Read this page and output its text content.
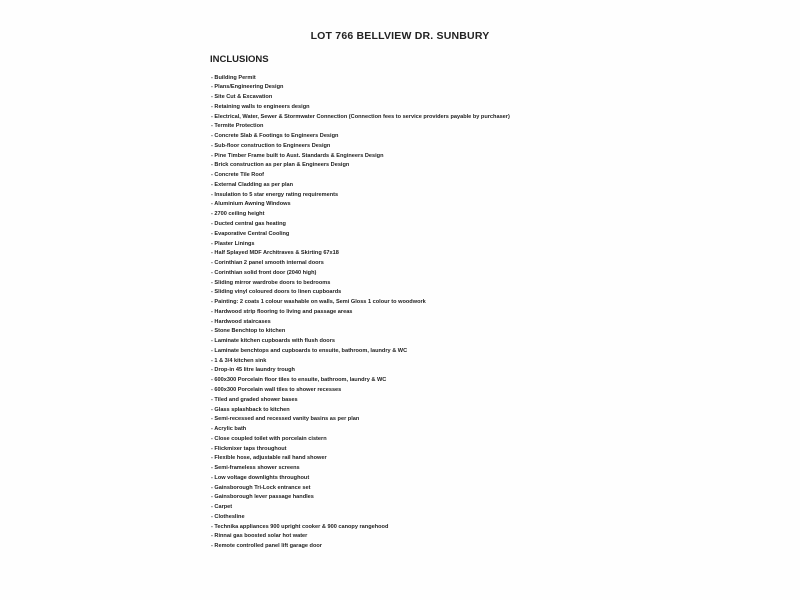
LOT 766 BELLVIEW DR. SUNBURY
INCLUSIONS
- Building Permit
- Plans/Engineering Design
- Site Cut & Excavation
- Retaining walls to engineers design
- Electrical, Water, Sewer & Stormwater Connection (Connection fees to service providers payable by purchaser)
- Termite Protection
- Concrete Slab & Footings to Engineers Design
- Sub-floor construction to Engineers Design
- Pine Timber Frame built to Aust. Standards & Engineers Design
- Brick construction as per plan & Engineers Design
- Concrete Tile Roof
- External Cladding as per plan
- Insulation to 5 star energy rating requirements
- Aluminium Awning Windows
- 2700 ceiling height
- Ducted central gas heating
- Evaporative Central Cooling
- Plaster Linings
- Half Splayed MDF Architraves & Skirting 67x18
- Corinthian 2 panel smooth internal doors
- Corinthian solid front door (2040 high)
- Sliding mirror wardrobe doors to bedrooms
- Sliding vinyl coloured doors to linen cupboards
- Painting: 2 coats 1 colour washable on walls, Semi Gloss 1 colour to woodwork
- Hardwood strip flooring to living and passage areas
- Hardwood staircases
- Stone Benchtop to kitchen
- Laminate kitchen cupboards with flush doors
- Laminate benchtops and cupboards to ensuite, bathroom, laundry & WC
- 1 & 3/4 kitchen sink
- Drop-in 45 litre laundry trough
- 600x300 Porcelain floor tiles to ensuite, bathroom, laundry & WC
- 600x300 Porcelain wall tiles to shower recesses
- Tiled and graded shower bases
- Glass splashback to kitchen
- Semi-recessed and recessed vanity basins as per plan
- Acrylic bath
- Close coupled toilet with porcelain cistern
- Flickmixer taps throughout
- Flexible hose, adjustable rail hand shower
- Semi-frameless shower screens
- Low voltage downlights throughout
- Gainsborough Tri-Lock entrance set
- Gainsborough lever passage handles
- Carpet
- Clothesline
- Technika appliances 900 upright cooker & 900 canopy rangehood
- Rinnai gas boosted solar hot water
- Remote controlled panel lift garage door
